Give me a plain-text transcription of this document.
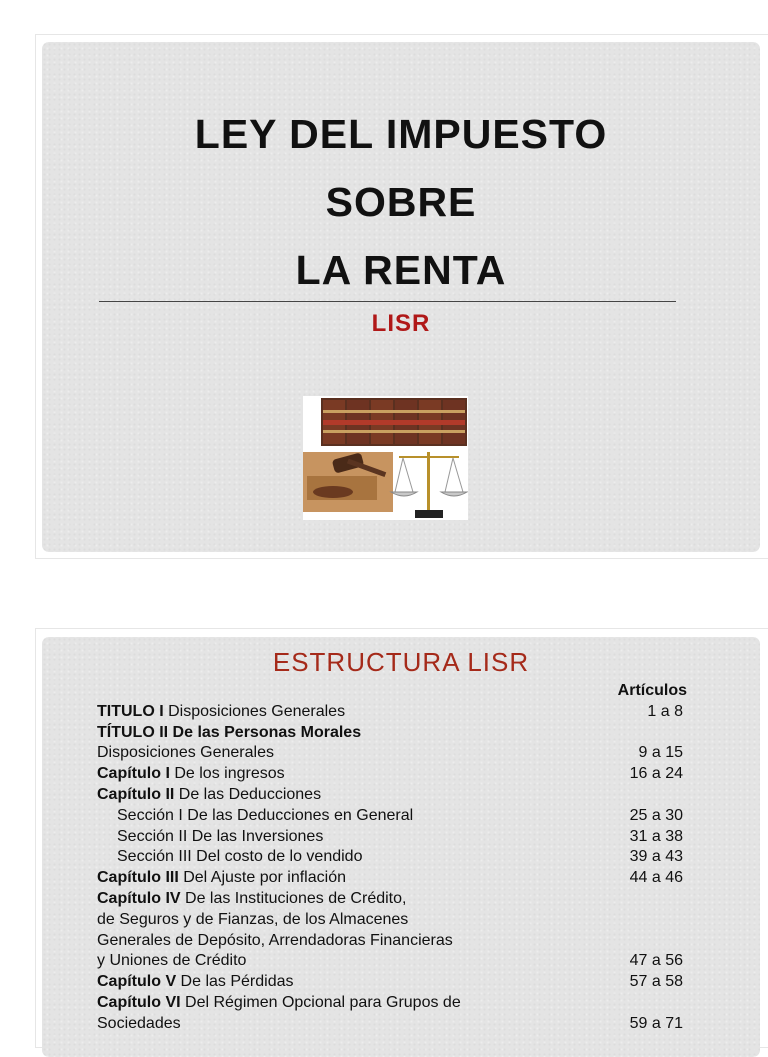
LEY DEL IMPUESTO
SOBRE
LA RENTA
LISR
ESTRUCTURA LISR
Artículos
TITULO I Disposiciones Generales	1 a 8
TÍTULO II De las Personas Morales
Disposiciones Generales	9 a 15
Capítulo I De los ingresos	16 a 24
Capítulo II De las Deducciones
Sección I De las Deducciones en General	25 a 30
Sección II De las Inversiones	31 a 38
Sección III Del costo de lo vendido	39 a 43
Capítulo III Del Ajuste por inflación	44 a 46
Capítulo IV De las Instituciones de Crédito,
de Seguros y de Fianzas, de los Almacenes
Generales de Depósito, Arrendadoras Financieras
y Uniones de Crédito	47 a 56
Capítulo V De las Pérdidas	57 a 58
Capítulo VI Del Régimen Opcional para Grupos de
Sociedades	59 a 71
